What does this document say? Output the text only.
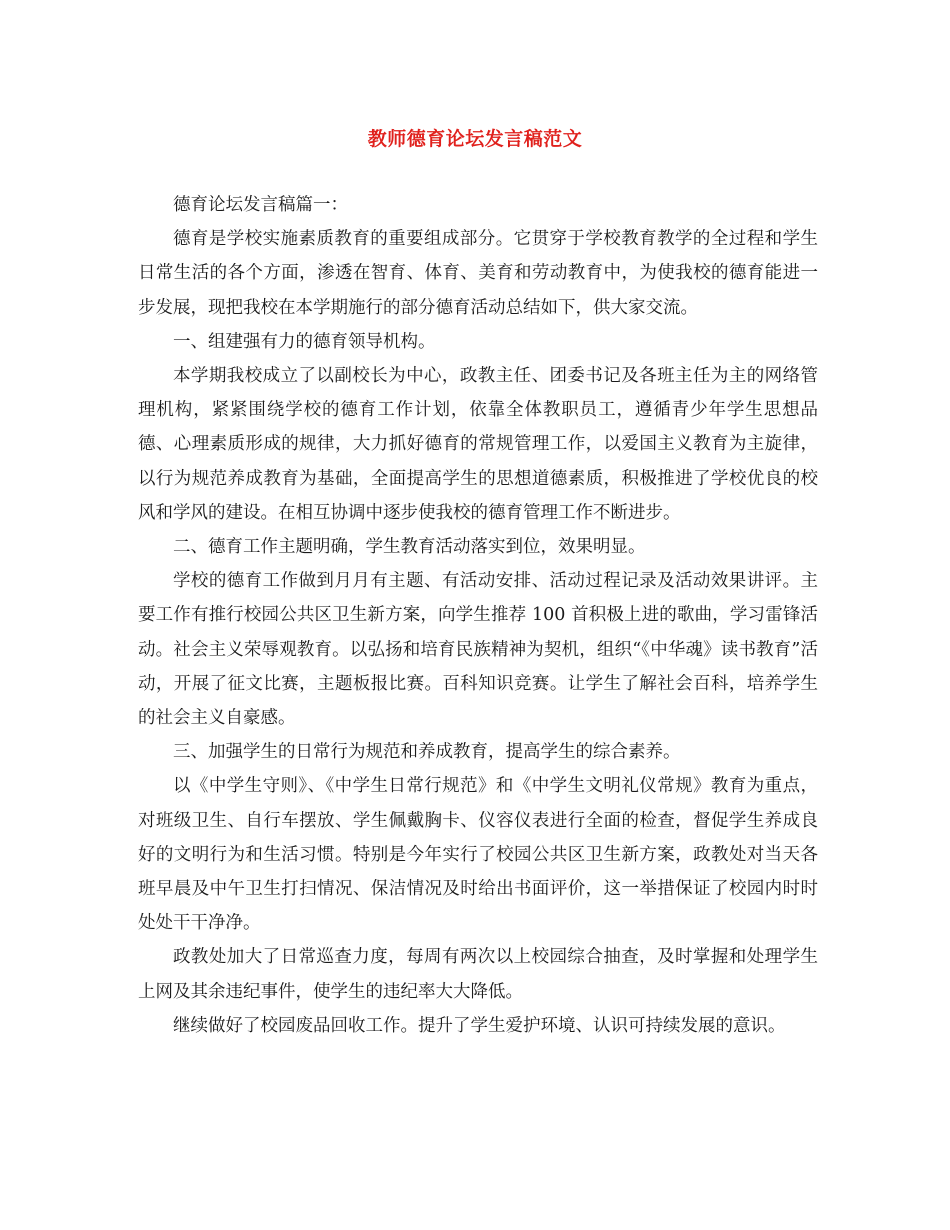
教师德育论坛发言稿范文

德育论坛发言稿篇一：

德育是学校实施素质教育的重要组成部分。它贯穿于学校教育教学的全过程和学生日常生活的各个方面，渗透在智育、体育、美育和劳动教育中，为使我校的德育能进一步发展，现把我校在本学期施行的部分德育活动总结如下，供大家交流。

一、组建强有力的德育领导机构。

本学期我校成立了以副校长为中心，政教主任、团委书记及各班主任为主的网络管理机构，紧紧围绕学校的德育工作计划，依靠全体教职员工，遵循青少年学生思想品德、心理素质形成的规律，大力抓好德育的常规管理工作，以爱国主义教育为主旋律，以行为规范养成教育为基础，全面提高学生的思想道德素质，积极推进了学校优良的校风和学风的建设。在相互协调中逐步使我校的德育管理工作不断进步。

二、德育工作主题明确，学生教育活动落实到位，效果明显。

学校的德育工作做到月月有主题、有活动安排、活动过程记录及活动效果讲评。主要工作有推行校园公共区卫生新方案，向学生推荐 100 首积极上进的歌曲，学习雷锋活动。社会主义荣辱观教育。以弘扬和培育民族精神为契机，组织“《中华魂》读书教育”活动，开展了征文比赛，主题板报比赛。百科知识竞赛。让学生了解社会百科，培养学生的社会主义自豪感。

三、加强学生的日常行为规范和养成教育，提高学生的综合素养。

以《中学生守则》、《中学生日常行规范》和《中学生文明礼仪常规》教育为重点，对班级卫生、自行车摆放、学生佩戴胸卡、仪容仪表进行全面的检查，督促学生养成良好的文明行为和生活习惯。特别是今年实行了校园公共区卫生新方案，政教处对当天各班早晨及中午卫生打扫情况、保洁情况及时给出书面评价，这一举措保证了校园内时时处处干干净净。

政教处加大了日常巡查力度，每周有两次以上校园综合抽查，及时掌握和处理学生上网及其余违纪事件，使学生的违纪率大大降低。

继续做好了校园废品回收工作。提升了学生爱护环境、认识可持续发展的意识。
